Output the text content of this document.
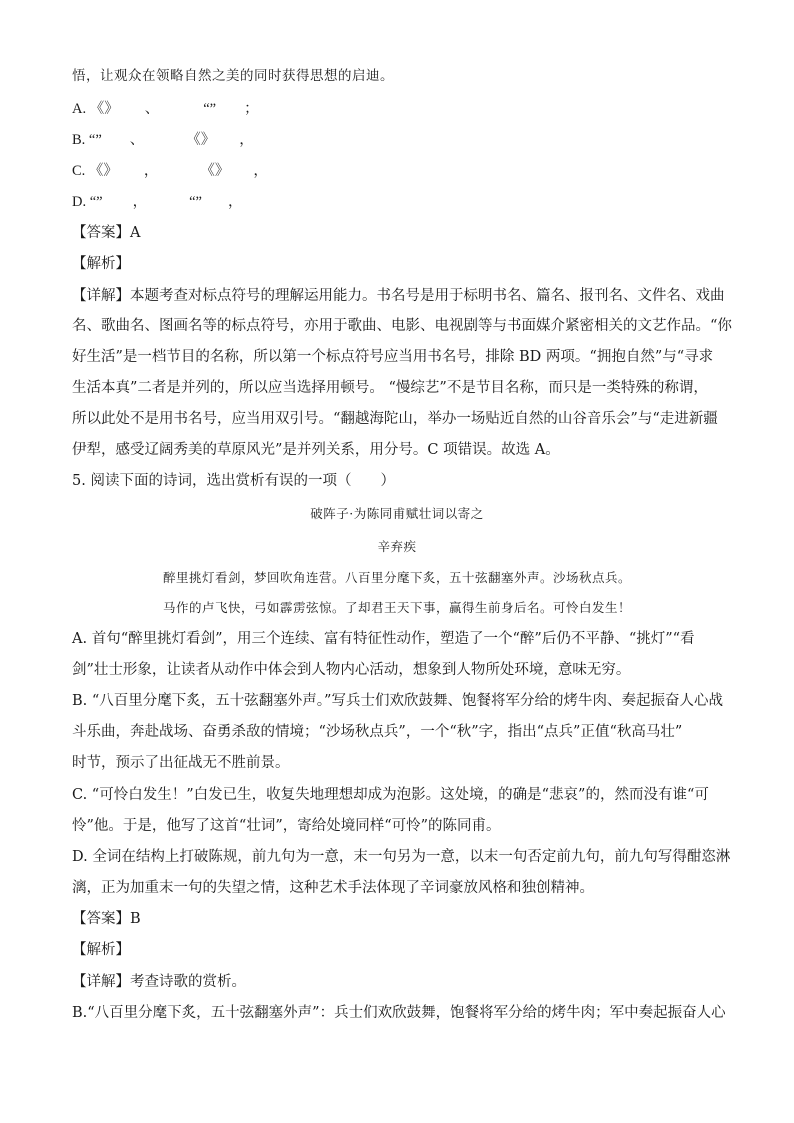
悟，让观众在领略自然之美的同时获得思想的启迪。
A. 《》 、	“” ；
B. “” 、	《》 ，
C. 《》 ，	《》 ，
D. “” ，	“” ，
【答案】A
【解析】
【详解】本题考查对标点符号的理解运用能力。书名号是用于标明书名、篇名、报刊名、文件名、戏曲
名、歌曲名、图画名等的标点符号，亦用于歌曲、电影、电视剧等与书面媒介紧密相关的文艺作品。“你
好生活”是一档节目的名称，所以第一个标点符号应当用书名号，排除 BD 两项。“拥抱自然”与“寻求
生活本真”二者是并列的，所以应当选择用顿号。 “慢综艺”不是节目名称，而只是一类特殊的称谓，
所以此处不是用书名号，应当用双引号。“翻越海陀山，举办一场贴近自然的山谷音乐会”与“走进新疆
伊犁，感受辽阔秀美的草原风光”是并列关系，用分号。C 项错误。故选 A。
5. 阅读下面的诗词，选出赏析有误的一项（　　）
破阵子·为陈同甫赋壮词以寄之
辛弃疾
醉里挑灯看剑，梦回吹角连营。八百里分麾下炙，五十弦翻塞外声。沙场秋点兵。
马作的卢飞快，弓如霹雳弦惊。了却君王天下事，赢得生前身后名。可怜白发生！
A. 首句“醉里挑灯看剑”，用三个连续、富有特征性动作，塑造了一个“醉”后仍不平静、“挑灯”“看
剑”壮士形象，让读者从动作中体会到人物内心活动，想象到人物所处环境，意味无穷。
B. “八百里分麾下炙，五十弦翻塞外声。”写兵士们欢欣鼓舞、饱餐将军分给的烤牛肉、奏起振奋人心战
斗乐曲，奔赴战场、奋勇杀敌的情境；“沙场秋点兵”，一个“秋”字，指出“点兵”正值“秋高马壮”
时节，预示了出征战无不胜前景。
C. “可怜白发生！”白发已生，收复失地理想却成为泡影。这处境，的确是“悲哀”的，然而没有谁“可
怜”他。于是，他写了这首“壮词”，寄给处境同样“可怜”的陈同甫。
D. 全词在结构上打破陈规，前九句为一意，末一句另为一意，以末一句否定前九句，前九句写得酣恣淋
漓，正为加重末一句的失望之情，这种艺术手法体现了辛词豪放风格和独创精神。
【答案】B
【解析】
【详解】考查诗歌的赏析。
B.“八百里分麾下炙，五十弦翻塞外声”：兵士们欢欣鼓舞，饱餐将军分给的烤牛肉；军中奏起振奋人心
